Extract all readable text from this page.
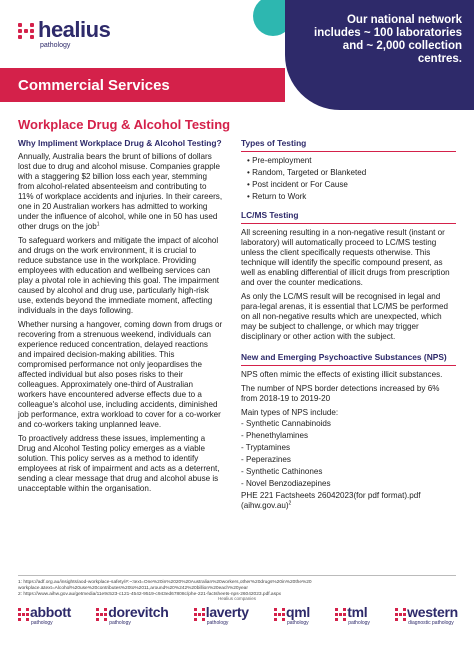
healius
pathology
Our national network includes ~ 100 laboratories and ~ 2,000 collection centres.
Commercial Services
Workplace Drug & Alcohol Testing
Why Impliment Workplace Drug & Alcohol Testing?
Annually, Australia bears the brunt of billions of dollars lost due to drug and alcohol misuse. Companies grapple with a staggering $2 billion loss each year, stemming from alcohol-related absenteeism and contributing to 11% of workplace accidents and injuries. In their careers, one in 20 Australian workers has admitted to working under the influence of alcohol, while one in 50 has used other drugs on the job$^1$
To safeguard workers and mitigate the impact of alcohol and drugs on the work environment, it is crucial to reduce substance use in the workplace. Providing employees with education and wellbeing services can play a pivotal role in achieving this goal. The impairment caused by alcohol and drug use, particularly high-risk use, extends beyond the immediate moment, affecting individuals in the days following.
Whether nursing a hangover, coming down from drugs or recovering from a strenuous weekend, individuals can experience reduced concentration, delayed reactions and impaired decision-making abilities. This compromised performance not only jeopardises the affected individual but also poses risks to their colleagues. Approximately one-third of Australian workers have encountered adverse effects due to a colleague's alcohol use, including accidents, diminished job performance, extra workload to cover for a co-worker and co-workers taking unplanned leave.
To proactively address these issues, implementing a Drug and Alcohol Testing policy emerges as a viable solution. This policy serves as a method to identify employees at risk of impairment and acts as a deterrent, sending a clear message that drug and alcohol abuse is unacceptable within the organisation.
Types of Testing
• Pre-employment
• Random, Targeted or Blanketed
• Post incident or For Cause
• Return to Work
LC/MS Testing
All screening resulting in a non-negative result (instant or laboratory) will automatically proceed to LC/MS testing unless the client specifically requests otherwise. This technique will identify the specific compound present, as well as enabling differential of illicit drugs from prescription and over the counter medications.
As only the LC/MS result will be recognised in legal and para-legal arenas, it is essential that LC/MS be performed on all non-negative results which are unexpected, which may be subject to challenge, or which may trigger disciplinary or other action with the subject.
New and Emerging Psychoactive Substances (NPS)
NPS often mimic the effects of existing illicit substances.
The number of NPS border detections increased by 6% from 2018-19 to 2019-20
Main types of NPS include:
- Synthetic Cannabinoids
- Phenethylamines
- Tryptamines
- Peperazines
- Synthetic Cathinones
- Novel Benzodiazepines
PHE 221 Factsheets 26042023(for pdf format).pdf (aihw.gov.au)$^2$
1: https://adf.org.au/insights/aod-workplace-safety/#:~:text=One%20in%2020%20Australian%20workers,other%20drugs%20in%20the%20 workplace.&text=Alcohol%20use%20contributes%20to%2011,around%20%242%20billion%20each%20year
2: https://www.aihw.gov.au/getmedia/11e9c523-c121-4542-9519-c943ed67808c/phe-221-factsheets-nps-26042023.pdf.aspx
Healius companies
abbott
pathology
dorevitch
pathology
laverty
pathology
qml
pathology
tml
pathology
western
diagnostic pathology
